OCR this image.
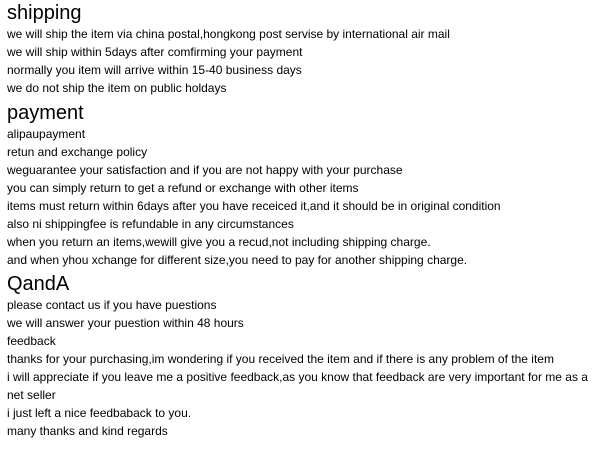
shipping

we will ship the item via china postal,hongkong post servise by international air mail

we will ship within 5days after comfirming your payment

normally you item will arrive within 15-40 business days

we do not ship the item on public holdays

payment

alipaupayment

retun and exchange policy

weguarantee your satisfaction and if you are not happy with your purchase

you can simply return to get a refund or exchange with other items

items must return within 6days after you have receiced it,and it should be in original condition

also ni shippingfee is refundable in any circumstances

when you return an items,wewill give you a recud,not including shipping charge.

and when yhou xchange for different size,you need to pay for another shipping charge.

QandA

please contact us if you have puestions

we will answer your puestion within 48 hours

feedback

thanks for your purchasing,im wondering if you received the item and if there is any problem of the item

i will appreciate if you leave me a positive feedback,as you know that feedback are very important for me as a

net seller

i just left a nice feedbaback to you.

many thanks and kind regards
